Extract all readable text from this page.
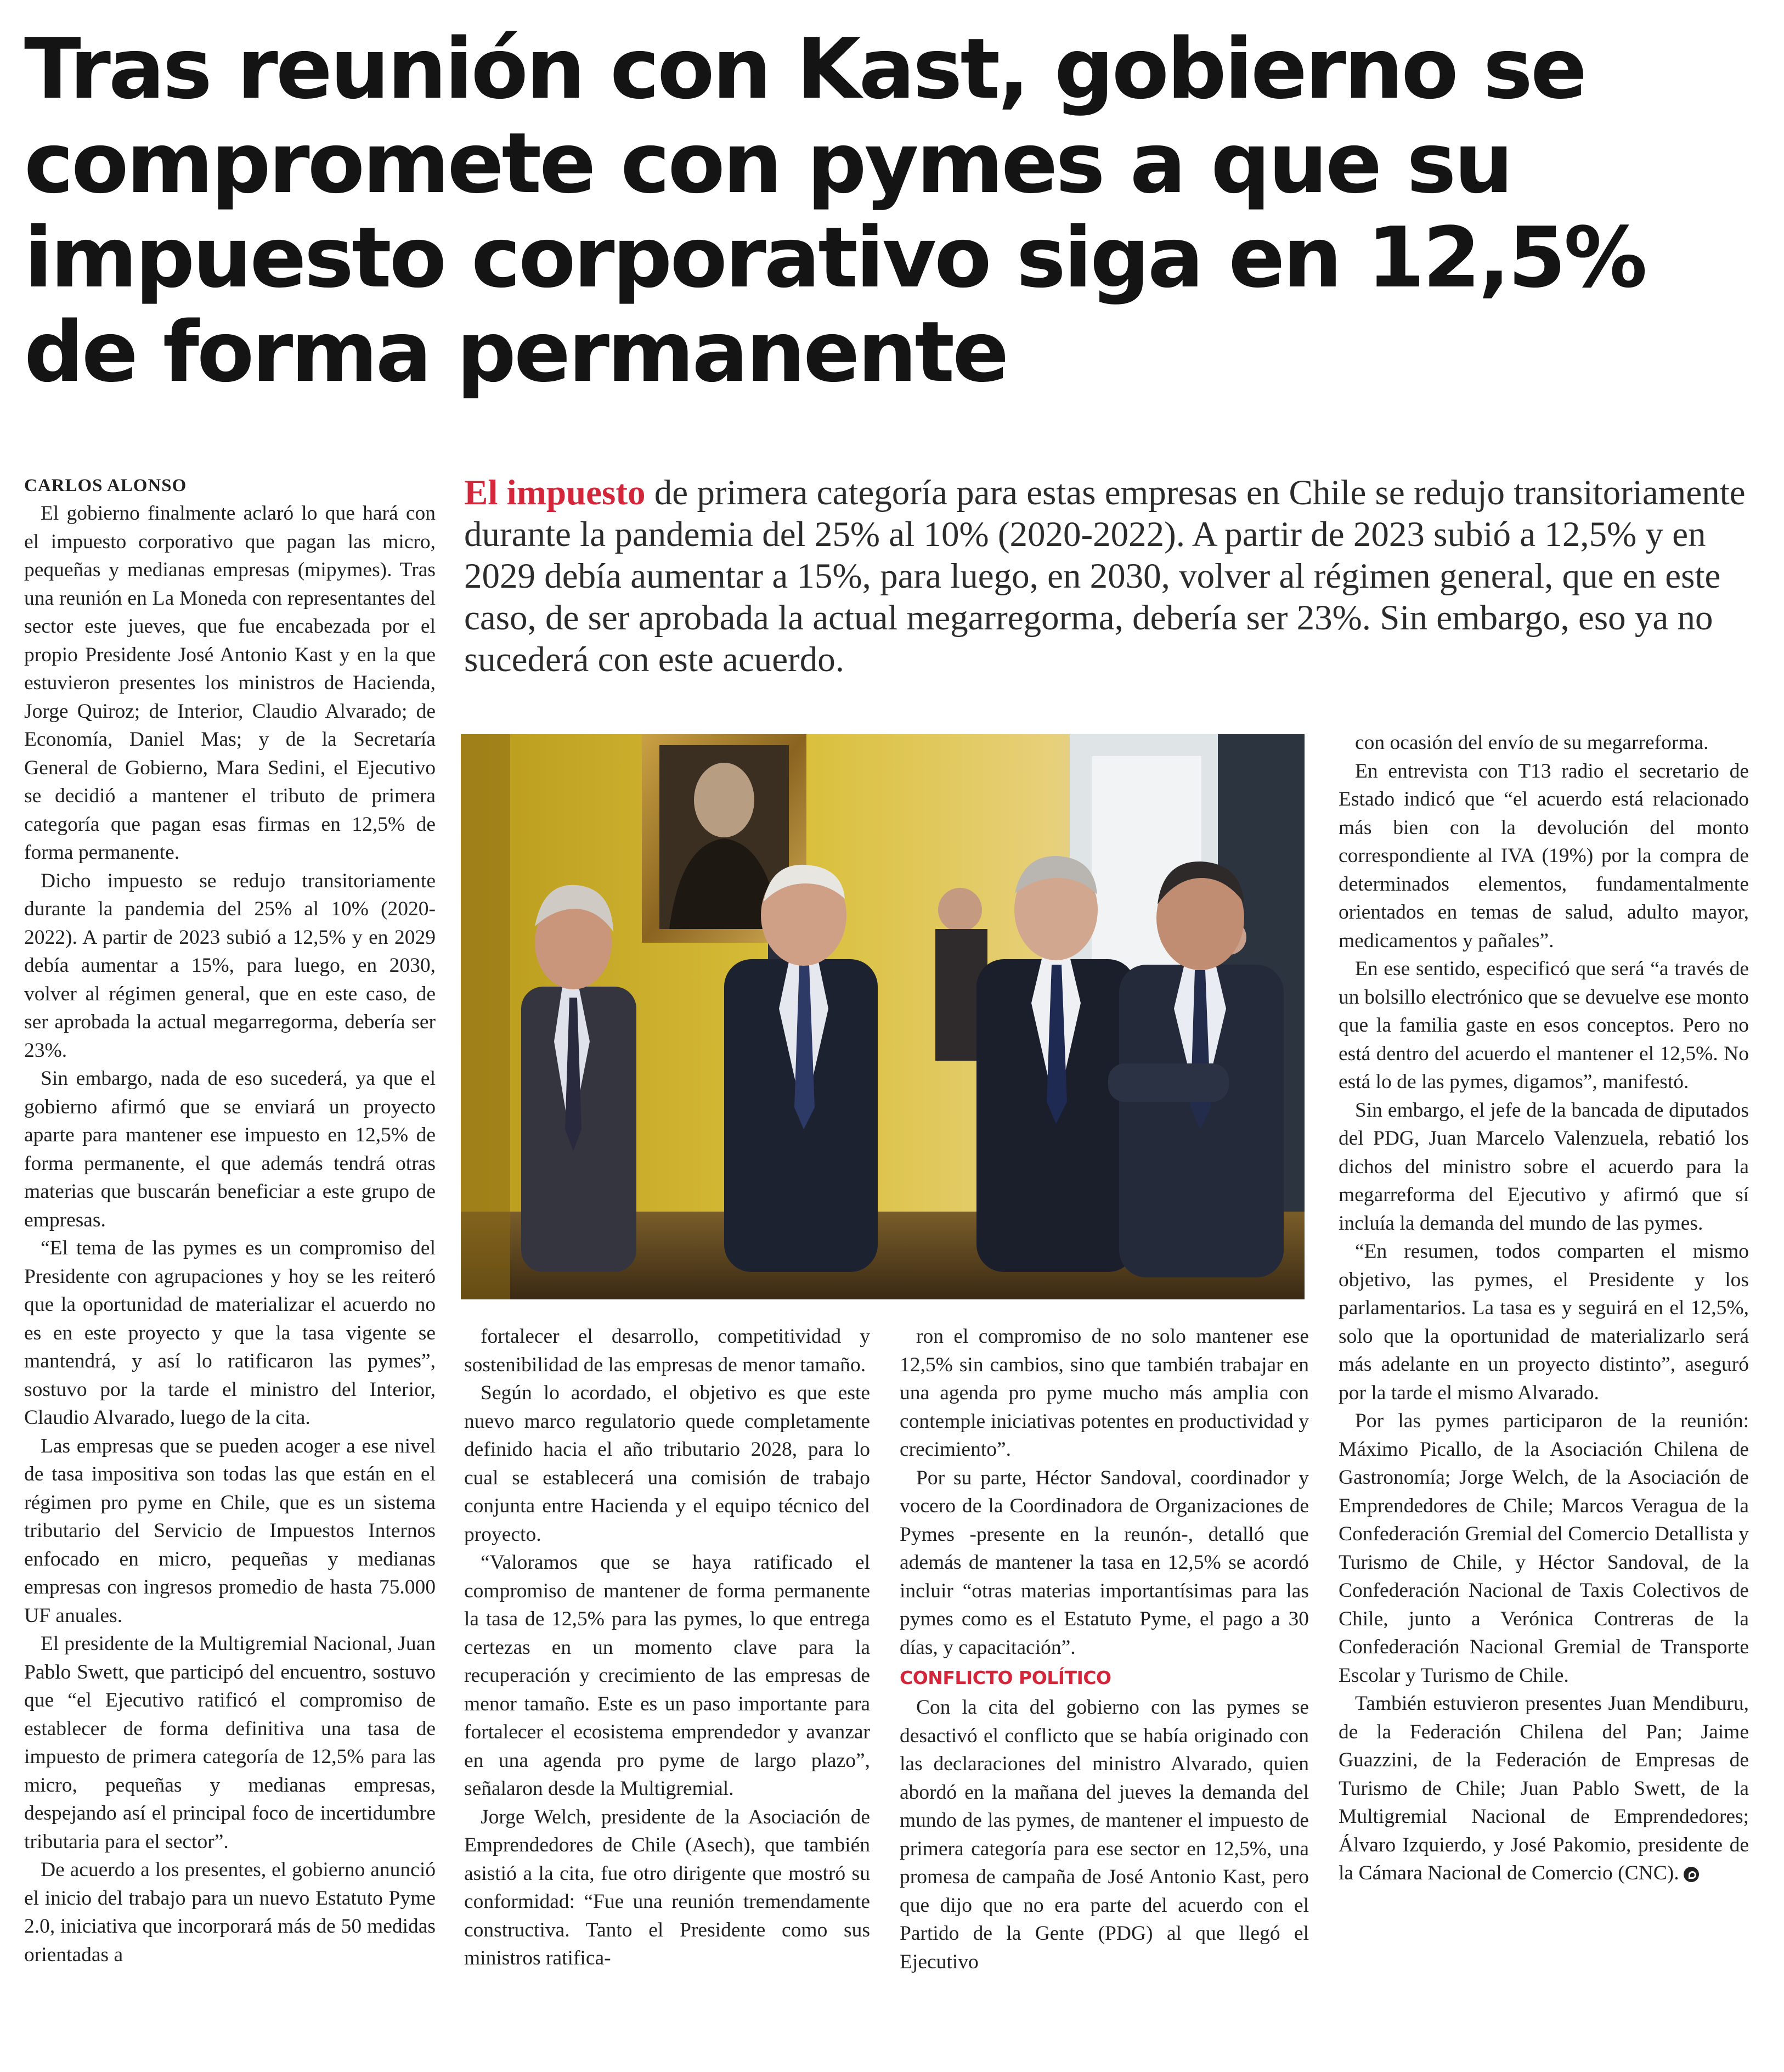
Tras reunión con Kast, gobierno se compromete con pymes a que su impuesto corporativo siga en 12,5% de forma permanente
CARLOS ALONSO

El gobierno finalmente aclaró lo que hará con el impuesto corporativo que pagan las micro, pequeñas y medianas empresas (mipymes). Tras una reunión en La Moneda con representantes del sector este jueves, que fue encabezada por el propio Presidente José Antonio Kast y en la que estuvieron presentes los ministros de Hacienda, Jorge Quiroz; de Interior, Claudio Alvarado; de Economía, Daniel Mas; y de la Secretaría General de Gobierno, Mara Sedini, el Ejecutivo se decidió a mantener el tributo de primera categoría que pagan esas firmas en 12,5% de forma permanente.

Dicho impuesto se redujo transitoriamente durante la pandemia del 25% al 10% (2020-2022). A partir de 2023 subió a 12,5% y en 2029 debía aumentar a 15%, para luego, en 2030, volver al régimen general, que en este caso, de ser aprobada la actual megarregorma, debería ser 23%.

Sin embargo, nada de eso sucederá, ya que el gobierno afirmó que se enviará un proyecto aparte para mantener ese impuesto en 12,5% de forma permanente, el que además tendrá otras materias que buscarán beneficiar a este grupo de empresas.

“El tema de las pymes es un compromiso del Presidente con agrupaciones y hoy se les reiteró que la oportunidad de materializar el acuerdo no es en este proyecto y que la tasa vigente se mantendrá, y así lo ratificaron las pymes”, sostuvo por la tarde el ministro del Interior, Claudio Alvarado, luego de la cita.

Las empresas que se pueden acoger a ese nivel de tasa impositiva son todas las que están en el régimen pro pyme en Chile, que es un sistema tributario del Servicio de Impuestos Internos enfocado en micro, pequeñas y medianas empresas con ingresos promedio de hasta 75.000 UF anuales.

El presidente de la Multigremial Nacional, Juan Pablo Swett, que participó del encuentro, sostuvo que “el Ejecutivo ratificó el compromiso de establecer de forma definitiva una tasa de impuesto de primera categoría de 12,5% para las micro, pequeñas y medianas empresas, despejando así el principal foco de incertidumbre tributaria para el sector”.

De acuerdo a los presentes, el gobierno anunció el inicio del trabajo para un nuevo Estatuto Pyme 2.0, iniciativa que incorporará más de 50 medidas orientadas a

El impuesto de primera categoría para estas empresas en Chile se redujo transitoriamente durante la pandemia del 25% al 10% (2020-2022). A partir de 2023 subió a 12,5% y en 2029 debía aumentar a 15%, para luego, en 2030, volver al régimen general, que en este caso, de ser aprobada la actual megarregorma, debería ser 23%. Sin embargo, eso ya no sucederá con este acuerdo.

fortalecer el desarrollo, competitividad y sostenibilidad de las empresas de menor tamaño.

Según lo acordado, el objetivo es que este nuevo marco regulatorio quede completamente definido hacia el año tributario 2028, para lo cual se establecerá una comisión de trabajo conjunta entre Hacienda y el equipo técnico del proyecto.

“Valoramos que se haya ratificado el compromiso de mantener de forma permanente la tasa de 12,5% para las pymes, lo que entrega certezas en un momento clave para la recuperación y crecimiento de las empresas de menor tamaño. Este es un paso importante para fortalecer el ecosistema emprendedor y avanzar en una agenda pro pyme de largo plazo”, señalaron desde la Multigremial.

Jorge Welch, presidente de la Asociación de Emprendedores de Chile (Asech), que también asistió a la cita, fue otro dirigente que mostró su conformidad: “Fue una reunión tremendamente constructiva. Tanto el Presidente como sus ministros ratifica-

ron el compromiso de no solo mantener ese 12,5% sin cambios, sino que también trabajar en una agenda pro pyme mucho más amplia con contemple iniciativas potentes en productividad y crecimiento”.

Por su parte, Héctor Sandoval, coordinador y vocero de la Coordinadora de Organizaciones de Pymes -presente en la reunón-, detalló que además de mantener la tasa en 12,5% se acordó incluir “otras materias importantísimas para las pymes como es el Estatuto Pyme, el pago a 30 días, y capacitación”.

CONFLICTO POLÍTICO

Con la cita del gobierno con las pymes se desactivó el conflicto que se había originado con las declaraciones del ministro Alvarado, quien abordó en la mañana del jueves la demanda del mundo de las pymes, de mantener el impuesto de primera categoría para ese sector en 12,5%, una promesa de campaña de José Antonio Kast, pero que dijo que no era parte del acuerdo con el Partido de la Gente (PDG) al que llegó el Ejecutivo

con ocasión del envío de su megarreforma.

En entrevista con T13 radio el secretario de Estado indicó que “el acuerdo está relacionado más bien con la devolución del monto correspondiente al IVA (19%) por la compra de determinados elementos, fundamentalmente orientados en temas de salud, adulto mayor, medicamentos y pañales”.

En ese sentido, especificó que será “a través de un bolsillo electrónico que se devuelve ese monto que la familia gaste en esos conceptos. Pero no está dentro del acuerdo el mantener el 12,5%. No está lo de las pymes, digamos”, manifestó.

Sin embargo, el jefe de la bancada de diputados del PDG, Juan Marcelo Valenzuela, rebatió los dichos del ministro sobre el acuerdo para la megarreforma del Ejecutivo y afirmó que sí incluía la demanda del mundo de las pymes.

“En resumen, todos comparten el mismo objetivo, las pymes, el Presidente y los parlamentarios. La tasa es y seguirá en el 12,5%, solo que la oportunidad de materializarlo será más adelante en un proyecto distinto”, aseguró por la tarde el mismo Alvarado.

Por las pymes participaron de la reunión: Máximo Picallo, de la Asociación Chilena de Gastronomía; Jorge Welch, de la Asociación de Emprendedores de Chile; Marcos Veragua de la Confederación Gremial del Comercio Detallista y Turismo de Chile, y Héctor Sandoval, de la Confederación Nacional de Taxis Colectivos de Chile, junto a Verónica Contreras de la Confederación Nacional Gremial de Transporte Escolar y Turismo de Chile.

También estuvieron presentes Juan Mendiburu, de la Federación Chilena del Pan; Jaime Guazzini, de la Federación de Empresas de Turismo de Chile; Juan Pablo Swett, de la Multigremial Nacional de Emprendedores; Álvaro Izquierdo, y José Pakomio, presidente de la Cámara Nacional de Comercio (CNC).
